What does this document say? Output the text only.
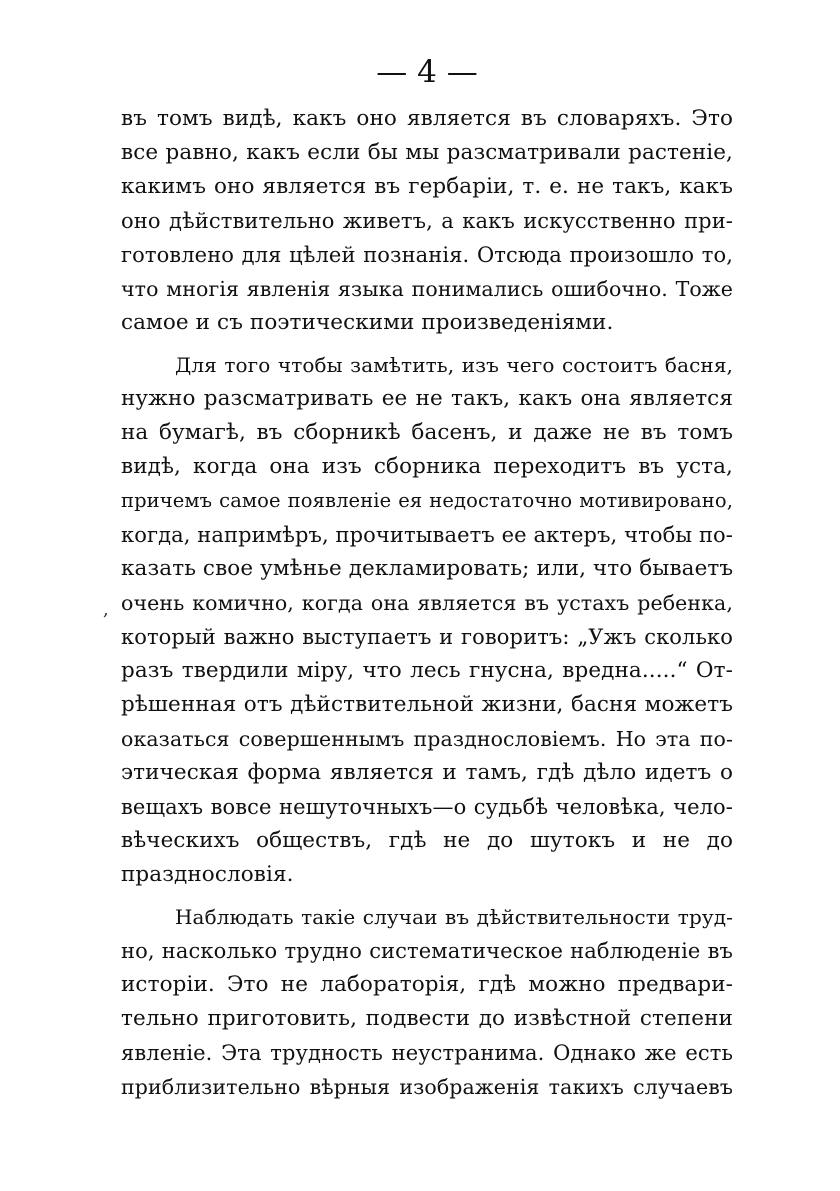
— 4 —
,
въ томъ видѣ, какъ оно является въ словаряхъ. Это
все равно, какъ если бы мы разсматривали растеніе,
какимъ оно является въ гербаріи, т. е. не такъ, какъ
оно дѣйствительно живетъ, а какъ искусственно при-
готовлено для цѣлей познанія. Отсюда произошло то,
что многія явленія языка понимались ошибочно. Тоже
самое и съ поэтическими произведеніями.
Для того чтобы замѣтить, изъ чего состоитъ басня,
нужно разсматривать ее не такъ, какъ она является
на бумагѣ, въ сборникѣ басенъ, и даже не въ томъ
видѣ, когда она изъ сборника переходитъ въ уста,
причемъ самое появленіе ея недостаточно мотивировано,
когда, напримѣръ, прочитываетъ ее актеръ, чтобы по-
казать свое умѣнье декламировать; или, что бываетъ
очень комично, когда она является въ устахъ ребенка,
который важно выступаетъ и говоритъ: „Ужъ сколько
разъ твердили міру, что лесь гнусна, вредна.....“ От-
рѣшенная отъ дѣйствительной жизни, басня можетъ
оказаться совершеннымъ празднословіемъ. Но эта по-
этическая форма является и тамъ, гдѣ дѣло идетъ о
вещахъ вовсе нешуточныхъ—о судьбѣ человѣка, чело-
вѣческихъ обществъ, гдѣ не до шутокъ и не до
празднословія.
Наблюдать такіе случаи въ дѣйствительности труд-
но, насколько трудно систематическое наблюденіе въ
исторіи. Это не лабораторія, гдѣ можно предвари-
тельно приготовить, подвести до извѣстной степени
явленіе. Эта трудность неустранима. Однако же есть
приблизительно вѣрныя изображенія такихъ случаевъ
